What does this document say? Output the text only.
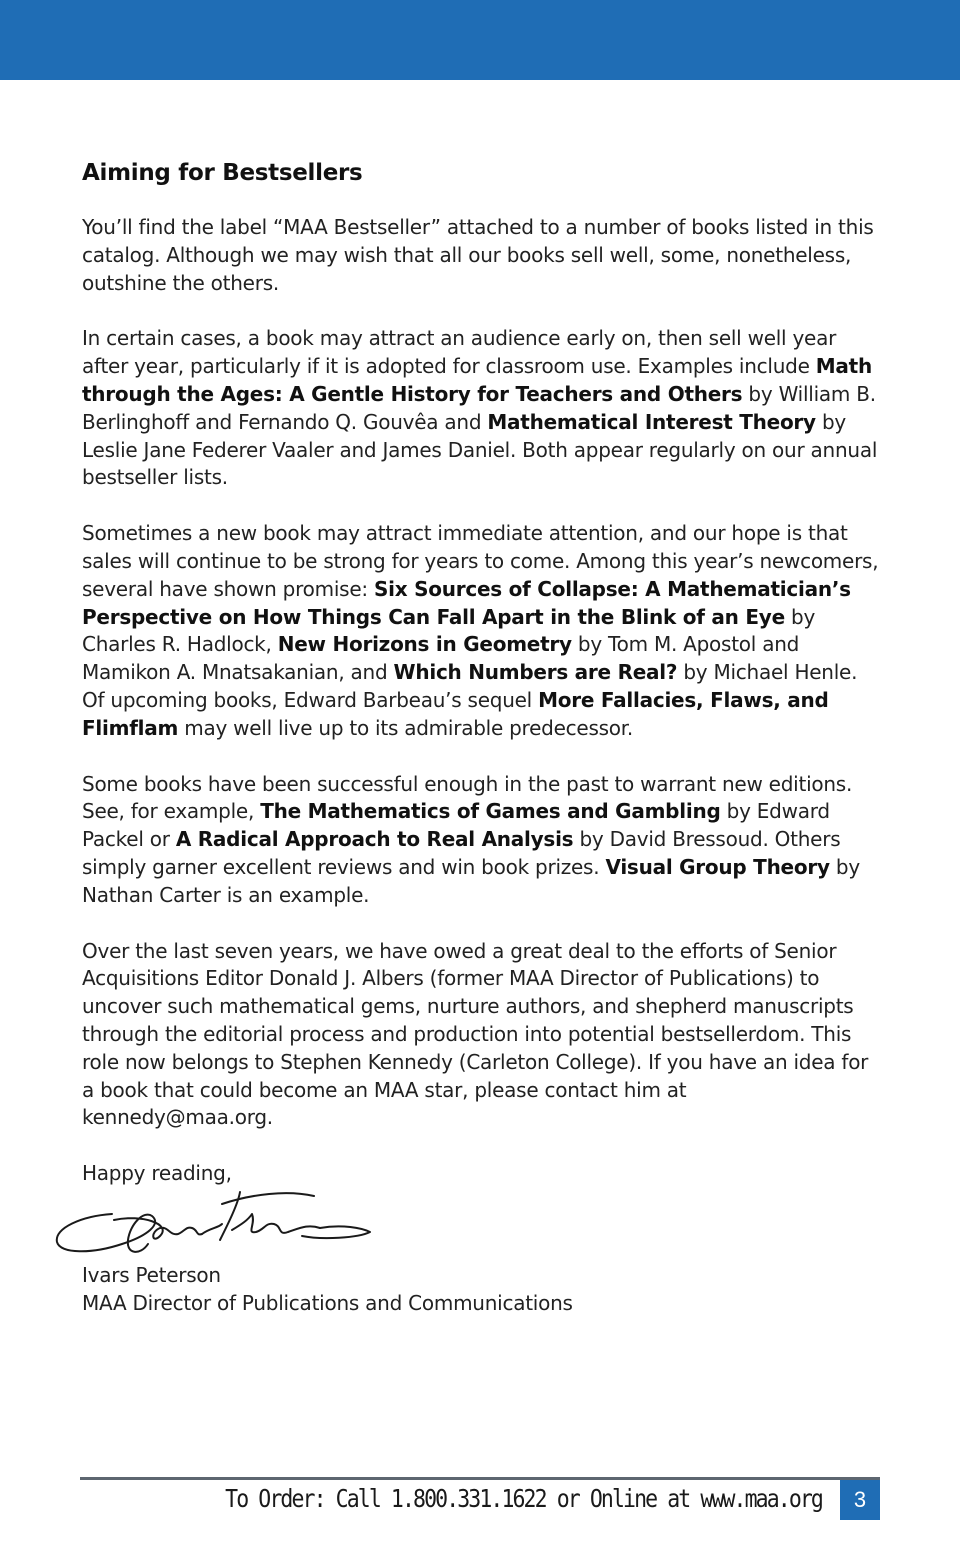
Aiming for Bestsellers

You’ll find the label “MAA Bestseller” attached to a number of books listed in this catalog. Although we may wish that all our books sell well, some, nonetheless, outshine the others.

In certain cases, a book may attract an audience early on, then sell well year after year, particularly if it is adopted for classroom use. Examples include Math through the Ages: A Gentle History for Teachers and Others by William B. Berlinghoff and Fernando Q. Gouvêa and Mathematical Interest Theory by Leslie Jane Federer Vaaler and James Daniel. Both appear regularly on our annual bestseller lists.

Sometimes a new book may attract immediate attention, and our hope is that sales will continue to be strong for years to come. Among this year’s newcomers, several have shown promise: Six Sources of Collapse: A Mathematician’s Perspective on How Things Can Fall Apart in the Blink of an Eye by Charles R. Hadlock, New Horizons in Geometry by Tom M. Apostol and Mamikon A. Mnatsakanian, and Which Numbers are Real? by Michael Henle. Of upcoming books, Edward Barbeau’s sequel More Fallacies, Flaws, and Flimflam may well live up to its admirable predecessor.

Some books have been successful enough in the past to warrant new editions. See, for example, The Mathematics of Games and Gambling by Edward Packel or A Radical Approach to Real Analysis by David Bressoud. Others simply garner excellent reviews and win book prizes. Visual Group Theory by Nathan Carter is an example.

Over the last seven years, we have owed a great deal to the efforts of Senior Acquisitions Editor Donald J. Albers (former MAA Director of Publications) to uncover such mathematical gems, nurture authors, and shepherd manuscripts through the editorial process and production into potential bestsellerdom. This role now belongs to Stephen Kennedy (Carleton College). If you have an idea for a book that could become an MAA star, please contact him at kennedy@maa.org.

Happy reading,
Ivars Peterson
MAA Director of Publications and Communications
To Order: Call 1.800.331.1622 or Online at www.maa.org	3
